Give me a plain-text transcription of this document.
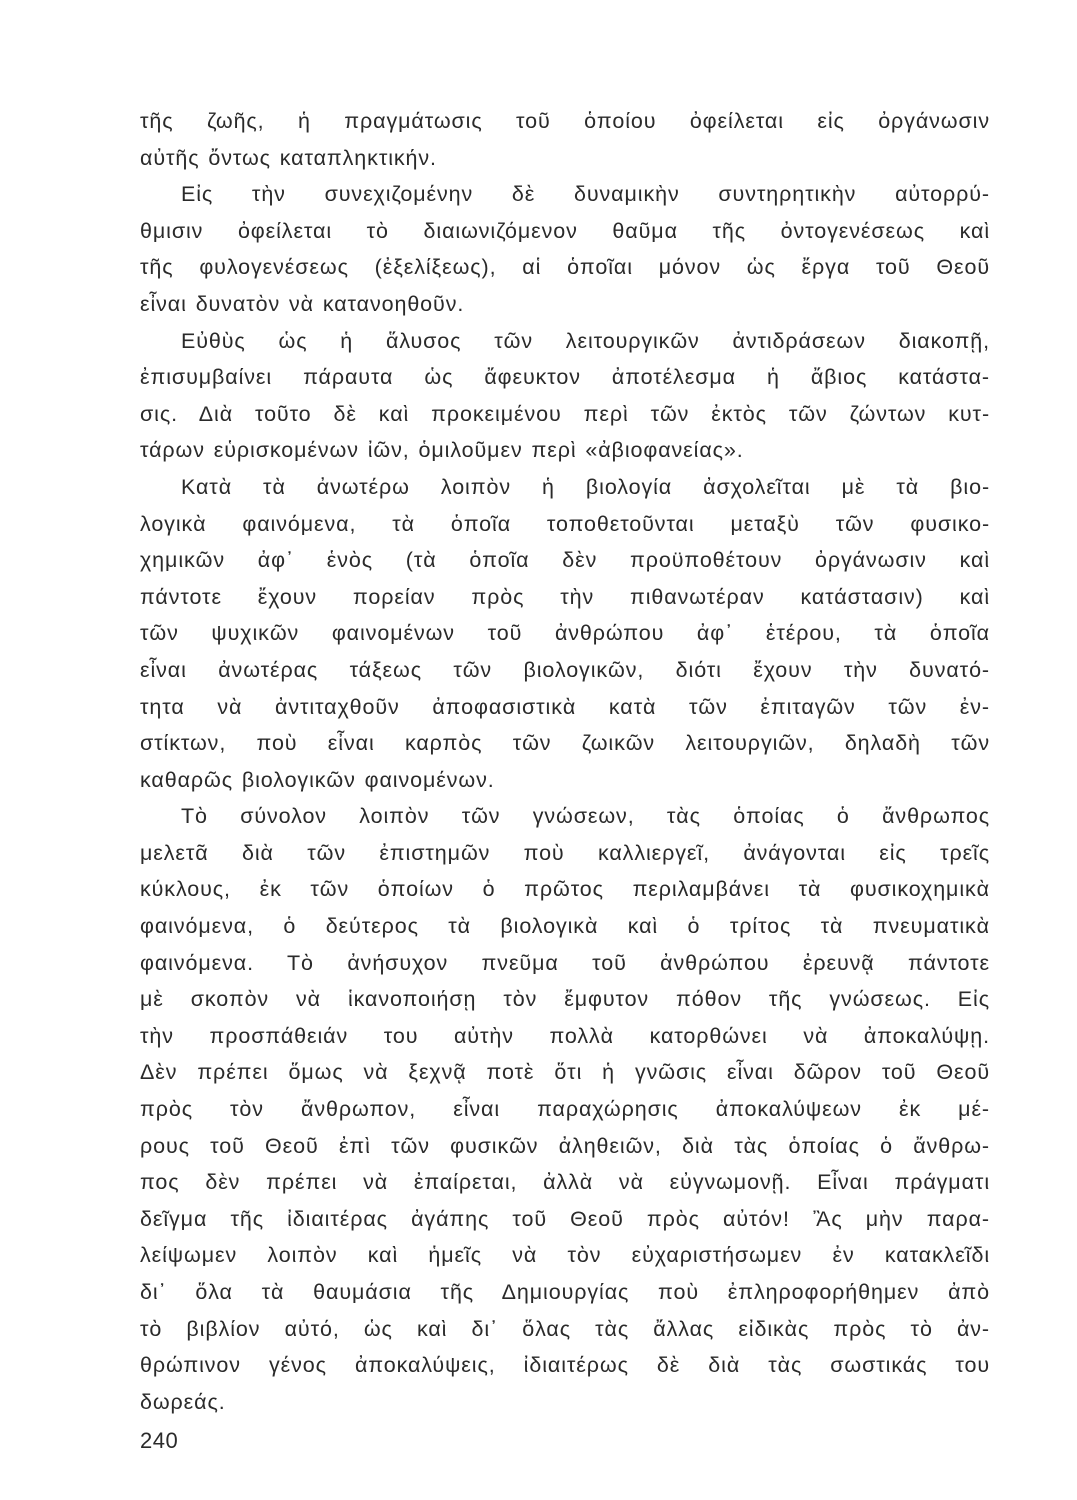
τῆς ζωῆς, ἡ πραγμάτωσις τοῦ ὁποίου ὀφείλεται εἰς ὀργάνωσιν
αὐτῆς ὄντως καταπληκτικήν.
Εἰς τὴν συνεχιζομένην δὲ δυναμικὴν συντηρητικὴν αὐτορρύ-
θμισιν ὀφείλεται τὸ διαιωνιζόμενον θαῦμα τῆς ὀντογενέσεως καὶ
τῆς φυλογενέσεως (ἐξελίξεως), αἱ ὁποῖαι μόνον ὡς ἔργα τοῦ Θεοῦ
εἶναι δυνατὸν νὰ κατανοηθοῦν.
Εὐθὺς ὡς ἡ ἅλυσος τῶν λειτουργικῶν ἀντιδράσεων διακοπῇ,
ἐπισυμβαίνει πάραυτα ὡς ἄφευκτον ἀποτέλεσμα ἡ ἄβιος κατάστα-
σις. Διὰ τοῦτο δὲ καὶ προκειμένου περὶ τῶν ἐκτὸς τῶν ζώντων κυτ-
τάρων εὑρισκομένων ἰῶν, ὁμιλοῦμεν περὶ «ἀβιοφανείας».
Κατὰ τὰ ἀνωτέρω λοιπὸν ἡ βιολογία ἀσχολεῖται μὲ τὰ βιο-
λογικὰ φαινόμενα, τὰ ὁποῖα τοποθετοῦνται μεταξὺ τῶν φυσικο-
χημικῶν ἀφ᾽ ἑνὸς (τὰ ὁποῖα δὲν προϋποθέτουν ὀργάνωσιν καὶ
πάντοτε ἔχουν πορείαν πρὸς τὴν πιθανωτέραν κατάστασιν) καὶ
τῶν ψυχικῶν φαινομένων τοῦ ἀνθρώπου ἀφ᾽ ἑτέρου, τὰ ὁποῖα
εἶναι ἀνωτέρας τάξεως τῶν βιολογικῶν, διότι ἔχουν τὴν δυνατό-
τητα νὰ ἀντιταχθοῦν ἀποφασιστικὰ κατὰ τῶν ἐπιταγῶν τῶν ἐν-
στίκτων, ποὺ εἶναι καρπὸς τῶν ζωικῶν λειτουργιῶν, δηλαδὴ τῶν
καθαρῶς βιολογικῶν φαινομένων.
Τὸ σύνολον λοιπὸν τῶν γνώσεων, τὰς ὁποίας ὁ ἄνθρωπος
μελετᾶ διὰ τῶν ἐπιστημῶν ποὺ καλλιεργεῖ, ἀνάγονται εἰς τρεῖς
κύκλους, ἐκ τῶν ὁποίων ὁ πρῶτος περιλαμβάνει τὰ φυσικοχημικὰ
φαινόμενα, ὁ δεύτερος τὰ βιολογικὰ καὶ ὁ τρίτος τὰ πνευματικὰ
φαινόμενα. Τὸ ἀνήσυχον πνεῦμα τοῦ ἀνθρώπου ἐρευνᾷ πάντοτε
μὲ σκοπὸν νὰ ἱκανοποιήσῃ τὸν ἔμφυτον πόθον τῆς γνώσεως. Εἰς
τὴν προσπάθειάν του αὐτὴν πολλὰ κατορθώνει νὰ ἀποκαλύψῃ.
Δὲν πρέπει ὅμως νὰ ξεχνᾷ ποτὲ ὅτι ἡ γνῶσις εἶναι δῶρον τοῦ Θεοῦ
πρὸς τὸν ἄνθρωπον, εἶναι παραχώρησις ἀποκαλύψεων ἐκ μέ-
ρους τοῦ Θεοῦ ἐπὶ τῶν φυσικῶν ἀληθειῶν, διὰ τὰς ὁποίας ὁ ἄνθρω-
πος δὲν πρέπει νὰ ἐπαίρεται, ἀλλὰ νὰ εὐγνωμονῇ. Εἶναι πράγματι
δεῖγμα τῆς ἰδιαιτέρας ἀγάπης τοῦ Θεοῦ πρὸς αὐτόν! Ἂς μὴν παρα-
λείψωμεν λοιπὸν καὶ ἡμεῖς νὰ τὸν εὐχαριστήσωμεν ἐν κατακλεῖδι
δι᾽ ὅλα τὰ θαυμάσια τῆς Δημιουργίας ποὺ ἐπληροφορήθημεν ἀπὸ
τὸ βιβλίον αὐτό, ὡς καὶ δι᾽ ὅλας τὰς ἄλλας εἰδικὰς πρὸς τὸ ἀν-
θρώπινον γένος ἀποκαλύψεις, ἰδιαιτέρως δὲ διὰ τὰς σωστικάς του
δωρεάς.
240
